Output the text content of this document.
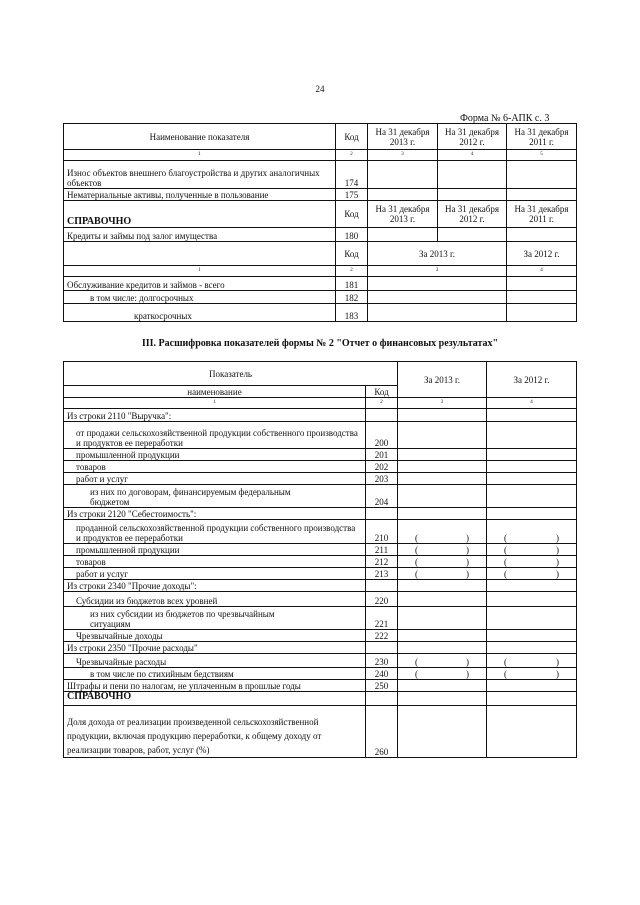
24
Форма № 6-АПК с. 3
Наименование показателя	Код	На 31 декабря 2013 г.	На 31 декабря 2012 г.	На 31 декабря 2011 г.
1	2	3	4	5
Износ объектов внешнего благоустройства и других аналогичных объектов	174			
Нематериальные активы, полученные в пользование	175			
СПРАВОЧНО	Код	На 31 декабря 2013 г.	На 31 декабря 2012 г.	На 31 декабря 2011 г.
Кредиты и займы под залог имущества	180			
	Код	За 2013 г.		За 2012 г.
1	2	3		4
Обслуживание кредитов и займов - всего	181			
в том числе: долгосрочных	182			
краткосрочных	183			
III. Расшифровка показателей формы № 2 "Отчет о финансовых результатах"
Показатель		За 2013 г.	За 2012 г.
наименование	Код		
1	2	3	4
Из строки 2110 "Выручка":			
от продажи сельскохозяйственной продукции собственного производства и продуктов ее переработки	200		
промышленной продукции	201		
товаров	202		
работ и услуг	203		
из них по договорам, финансируемым федеральным бюджетом	204		
Из строки 2120 "Себестоимость":			
проданной сельскохозяйственной продукции собственного производства и продуктов ее переработки	210	( )	( )

промышленной продукции	211	( )	( )

товаров	212	( )	( )

работ и услуг	213	( )	( )

Из строки 2340 "Прочие доходы":			
Субсидии из бюджетов всех уровней	220		
из них субсидии из бюджетов по чрезвычайным ситуациям	221		
Чрезвычайные доходы	222		
Из строки 2350 "Прочие расходы"			
Чрезвычайные расходы	230	( )	( )

в том числе по стихийным бедствиям	240	( )	( )

Штрафы и пени по налогам, не уплаченным в прошлые годы	250		
СПРАВОЧНО			
Доля дохода от реализации произведенной сельскохозяйственной продукции, включая продукцию переработки, к общему доходу от реализации товаров, работ, услуг (%)	260		
